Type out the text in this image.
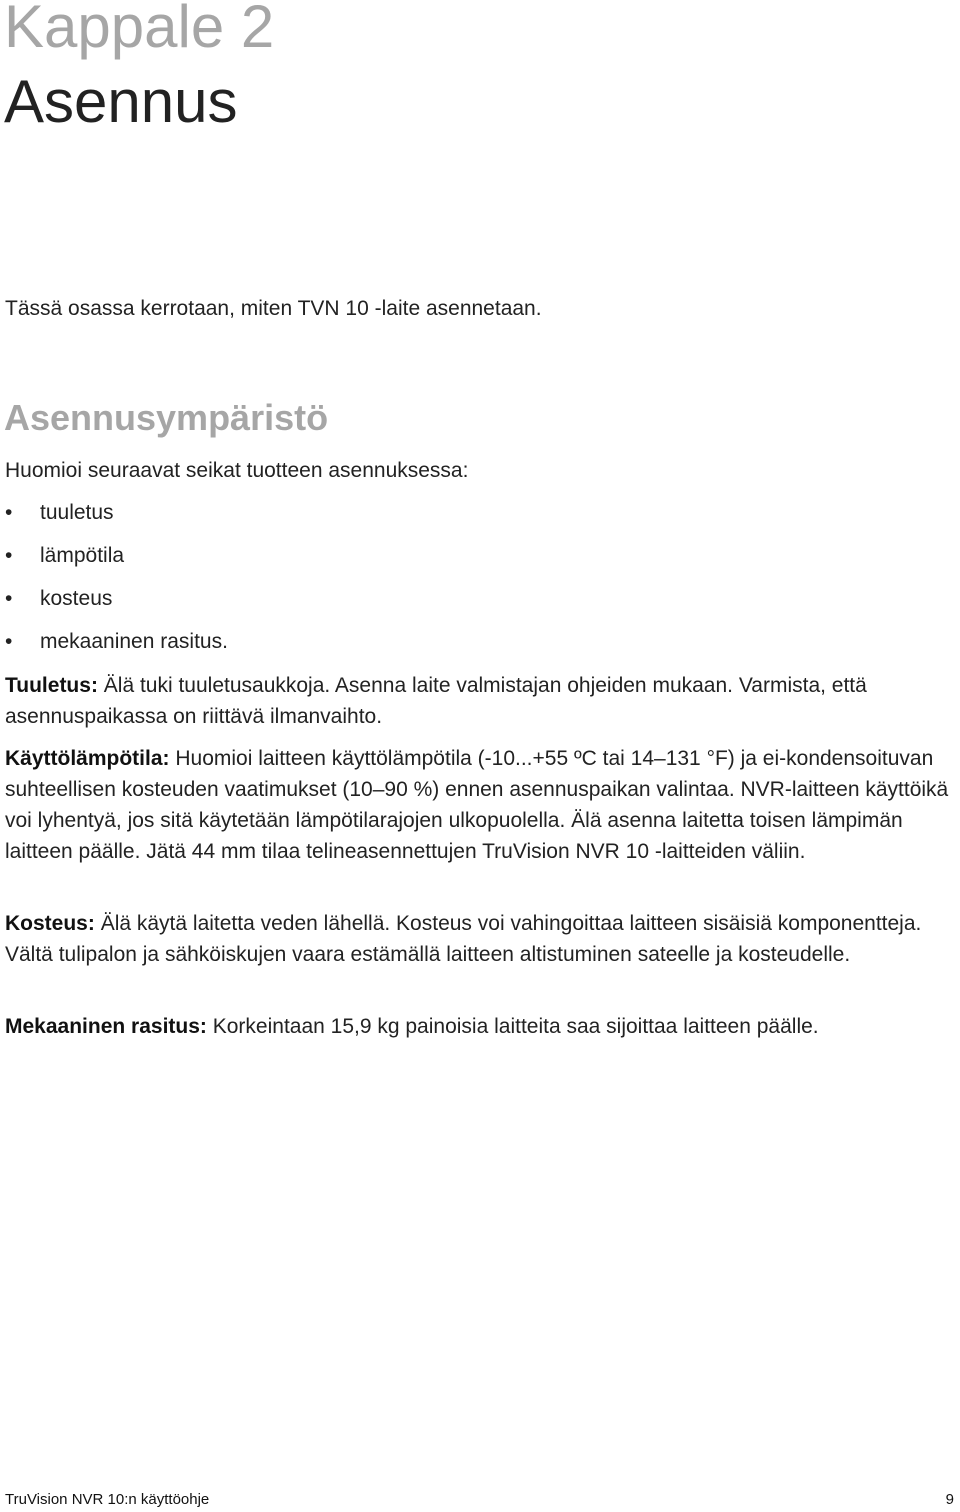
Kappale 2
Asennus

Tässä osassa kerrotaan, miten TVN 10 -laite asennetaan.

Asennusympäristö

Huomioi seuraavat seikat tuotteen asennuksessa:

•	tuuletus
•	lämpötila
•	kosteus
•	mekaaninen rasitus.

Tuuletus: Älä tuki tuuletusaukkoja. Asenna laite valmistajan ohjeiden mukaan. Varmista, että asennuspaikassa on riittävä ilmanvaihto.

Käyttölämpötila: Huomioi laitteen käyttölämpötila (-10...+55 ºC tai 14–131 °F) ja ei-kondensoituvan suhteellisen kosteuden vaatimukset (10–90 %) ennen asennuspaikan valintaa. NVR-laitteen käyttöikä voi lyhentyä, jos sitä käytetään lämpötilarajojen ulkopuolella. Älä asenna laitetta toisen lämpimän laitteen päälle. Jätä 44 mm tilaa telineasennettujen TruVision NVR 10 -laitteiden väliin.

Kosteus: Älä käytä laitetta veden lähellä. Kosteus voi vahingoittaa laitteen sisäisiä komponentteja. Vältä tulipalon ja sähköiskujen vaara estämällä laitteen altistuminen sateelle ja kosteudelle.

Mekaaninen rasitus: Korkeintaan 15,9 kg painoisia laitteita saa sijoittaa laitteen päälle.

TruVision NVR 10:n käyttöohje	9
